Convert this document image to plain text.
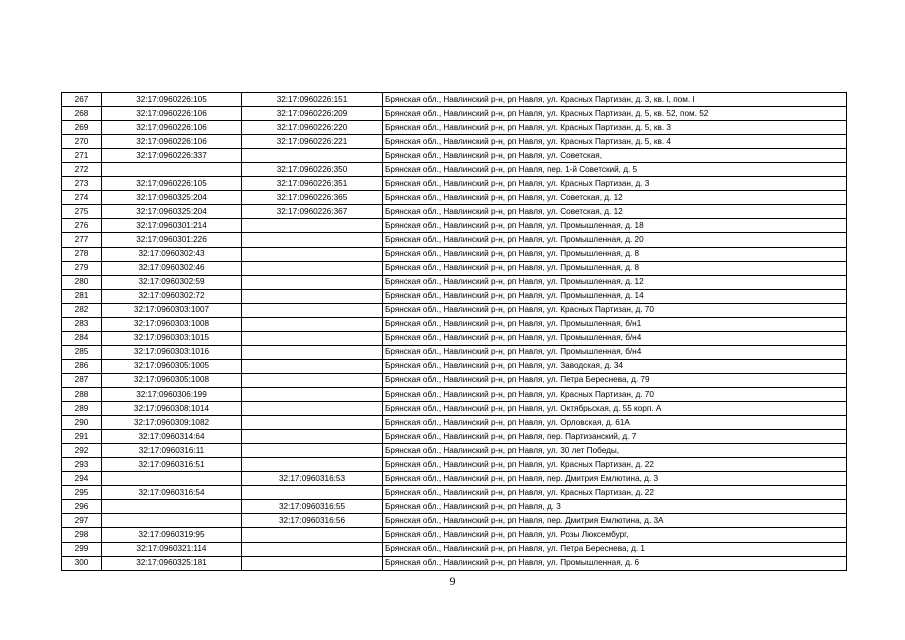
267	32:17:0960226:105	32:17:0960226:151	Брянская обл., Навлинский р-н, рп Навля, ул. Красных Партизан, д. 3, кв. I, пом. I
268	32:17:0960226:106	32:17:0960226:209	Брянская обл., Навлинский р-н, рп Навля, ул. Красных Партизан, д. 5, кв. 52, пом. 52
269	32:17:0960226:106	32:17:0960226:220	Брянская обл., Навлинский р-н, рп Навля, ул. Красных Партизан, д. 5, кв. 3
270	32:17:0960226:106	32:17:0960226:221	Брянская обл., Навлинский р-н, рп Навля, ул. Красных Партизан, д. 5, кв. 4
271	32:17:0960226:337		Брянская обл., Навлинский р-н, рп Навля, ул. Советская,
272		32:17:0960226:350	Брянская обл., Навлинский р-н, рп Навля, пер. 1-й Советский, д. 5
273	32:17:0960226:105	32:17:0960226:351	Брянская обл., Навлинский р-н, рп Навля, ул. Красных Партизан, д. 3
274	32:17:0960325:204	32:17:0960226:365	Брянская обл., Навлинский р-н, рп Навля, ул. Советская, д. 12
275	32:17:0960325:204	32:17:0960226:367	Брянская обл., Навлинский р-н, рп Навля, ул. Советская, д. 12
276	32:17:0960301:214		Брянская обл., Навлинский р-н, рп Навля, ул. Промышленная, д. 18
277	32:17:0960301:226		Брянская обл., Навлинский р-н, рп Навля, ул. Промышленная, д. 20
278	32:17:0960302:43		Брянская обл., Навлинский р-н, рп Навля, ул. Промышленная, д. 8
279	32:17:0960302:46		Брянская обл., Навлинский р-н, рп Навля, ул. Промышленная, д. 8
280	32:17:0960302:59		Брянская обл., Навлинский р-н, рп Навля, ул. Промышленная, д. 12
281	32:17:0960302:72		Брянская обл., Навлинский р-н, рп Навля, ул. Промышленная, д. 14
282	32:17:0960303:1007		Брянская обл., Навлинский р-н, рп Навля, ул. Красных Партизан, д. 70
283	32:17:0960303:1008		Брянская обл., Навлинский р-н, рп Навля, ул. Промышленная, б/н1
284	32:17:0960303:1015		Брянская обл., Навлинский р-н, рп Навля, ул. Промышленная, б/н4
285	32:17:0960303:1016		Брянская обл., Навлинский р-н, рп Навля, ул. Промышленная, б/н4
286	32:17:0960305:1005		Брянская обл., Навлинский р-н, рп Навля, ул. Заводская, д. 34
287	32:17:0960305:1008		Брянская обл., Навлинский р-н, рп Навля, ул. Петра Береснева, д. 79
288	32:17:0960306:199		Брянская обл., Навлинский р-н, рп Навля, ул. Красных Партизан, д. 70
289	32:17:0960308:1014		Брянская обл., Навлинский р-н, рп Навля, ул. Октябрьская, д. 55 корп. А
290	32:17:0960309:1082		Брянская обл., Навлинский р-н, рп Навля, ул. Орловская, д. 61А
291	32:17:0960314:64		Брянская обл., Навлинский р-н, рп Навля, пер. Партизанский, д. 7
292	32:17:0960316:11		Брянская обл., Навлинский р-н, рп Навля, ул. 30 лет Победы,
293	32:17:0960316:51		Брянская обл., Навлинский р-н, рп Навля, ул. Красных Партизан, д. 22
294		32:17:0960316:53	Брянская обл., Навлинский р-н, рп Навля, пер. Дмитрия Емлютина, д. 3
295	32:17:0960316:54		Брянская обл., Навлинский р-н, рп Навля, ул. Красных Партизан, д. 22
296		32:17:0960316:55	Брянская обл., Навлинский р-н, рп Навля, д. 3
297		32:17:0960316:56	Брянская обл., Навлинский р-н, рп Навля, пер. Дмитрия Емлютина, д. 3А
298	32:17:0960319:95		Брянская обл., Навлинский р-н, рп Навля, ул. Розы Люксембург,
299	32:17:0960321:114		Брянская обл., Навлинский р-н, рп Навля, ул. Петра Береснева, д. 1
300	32:17:0960325:181		Брянская обл., Навлинский р-н, рп Навля, ул. Промышленная, д. 6
9
